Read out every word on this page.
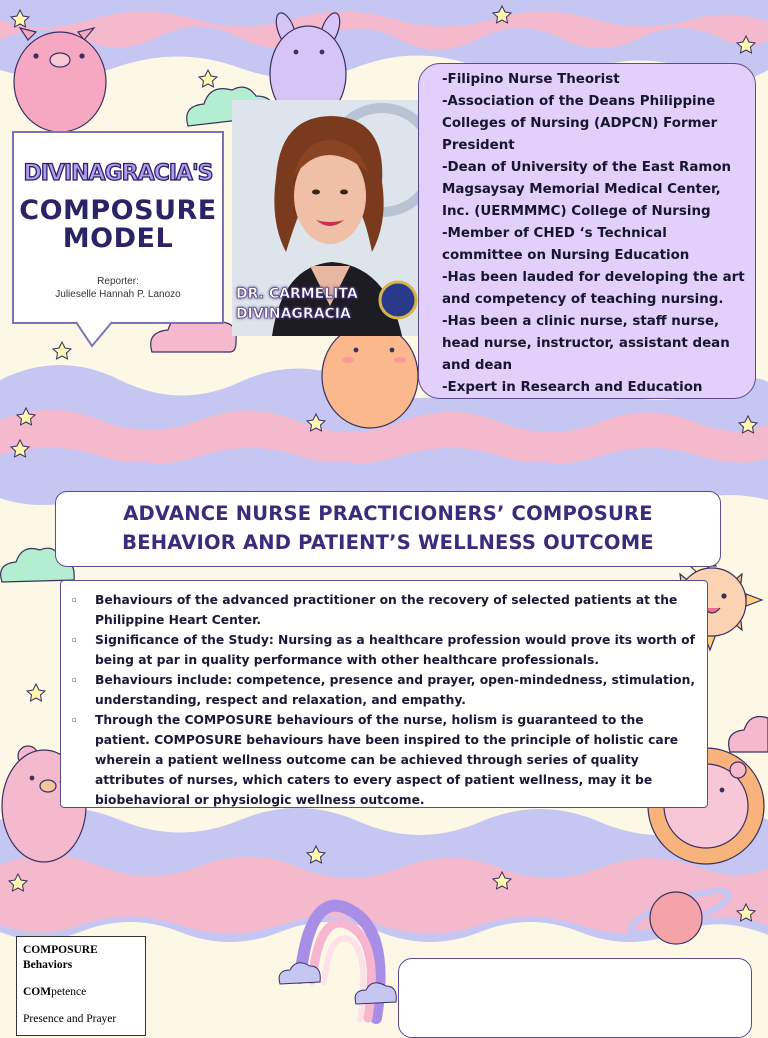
DIVINAGRACIA'S
COMPOSURE
MODEL
Reporter:
Julieselle Hannah P. Lanozo	DR. CARMELITA
DIVINAGRACIA
-Filipino Nurse Theorist
-Association of the Deans Philippine Colleges of Nursing (ADPCN) Former President
-Dean of University of the East Ramon Magsaysay Memorial Medical Center, Inc. (UERMMMC) College of Nursing
-Member of CHED ‘s Technical committee on Nursing Education
-Has been lauded for developing the art and competency of teaching nursing.
-Has been a clinic nurse, staff nurse, head nurse, instructor, assistant dean and dean
-Expert in Research and Education
ADVANCE NURSE PRACTICIONERS’ COMPOSURE
BEHAVIOR AND PATIENT’S WELLNESS OUTCOME
▫ Behaviours of the advanced practitioner on the recovery of selected patients at the Philippine Heart Center.
▫ Significance of the Study: Nursing as a healthcare profession would prove its worth of being at par in quality performance with other healthcare professionals.
▫ Behaviours include: competence, presence and prayer, open-mindedness, stimulation, understanding, respect and relaxation, and empathy.
▫ Through the COMPOSURE behaviours of the nurse, holism is guaranteed to the patient. COMPOSURE behaviours have been inspired to the principle of holistic care wherein a patient wellness outcome can be achieved through series of quality attributes of nurses, which caters to every aspect of patient wellness, may it be biobehavioral or physiologic wellness outcome.
COMPOSURE
Behaviors
COMpetence
Presence and Prayer
